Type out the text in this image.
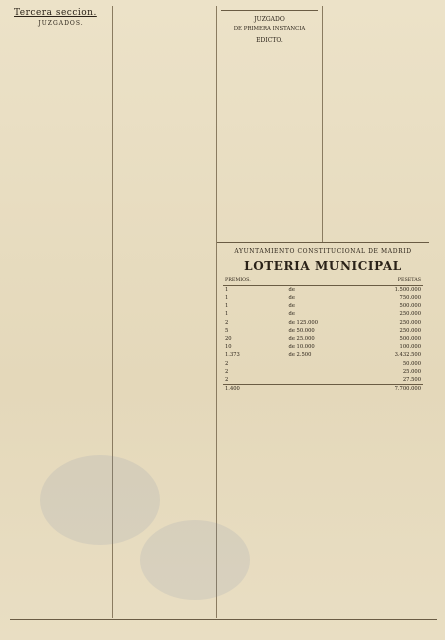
Tercera seccion.
JUZGADOS.

JUZGADO
DE PRIMERA INSTANCIA
EDICTO.

AYUNTAMIENTO CONSTITUCIONAL DE MADRID
LOTERIA MUNICIPAL
PREMIOS.		PESETAS
1	de	1.500.000
1	de	750.000
1	de	500.000
1	de	250.000
2	de 125.000	250.000
5	de 50.000	250.000
20	de 25.000	500.000
10	de 10.000	100.000
1.373	de 2.500	3.432.500
2		50.000
2		25.000
2		27.500
1.400		7.700.000
